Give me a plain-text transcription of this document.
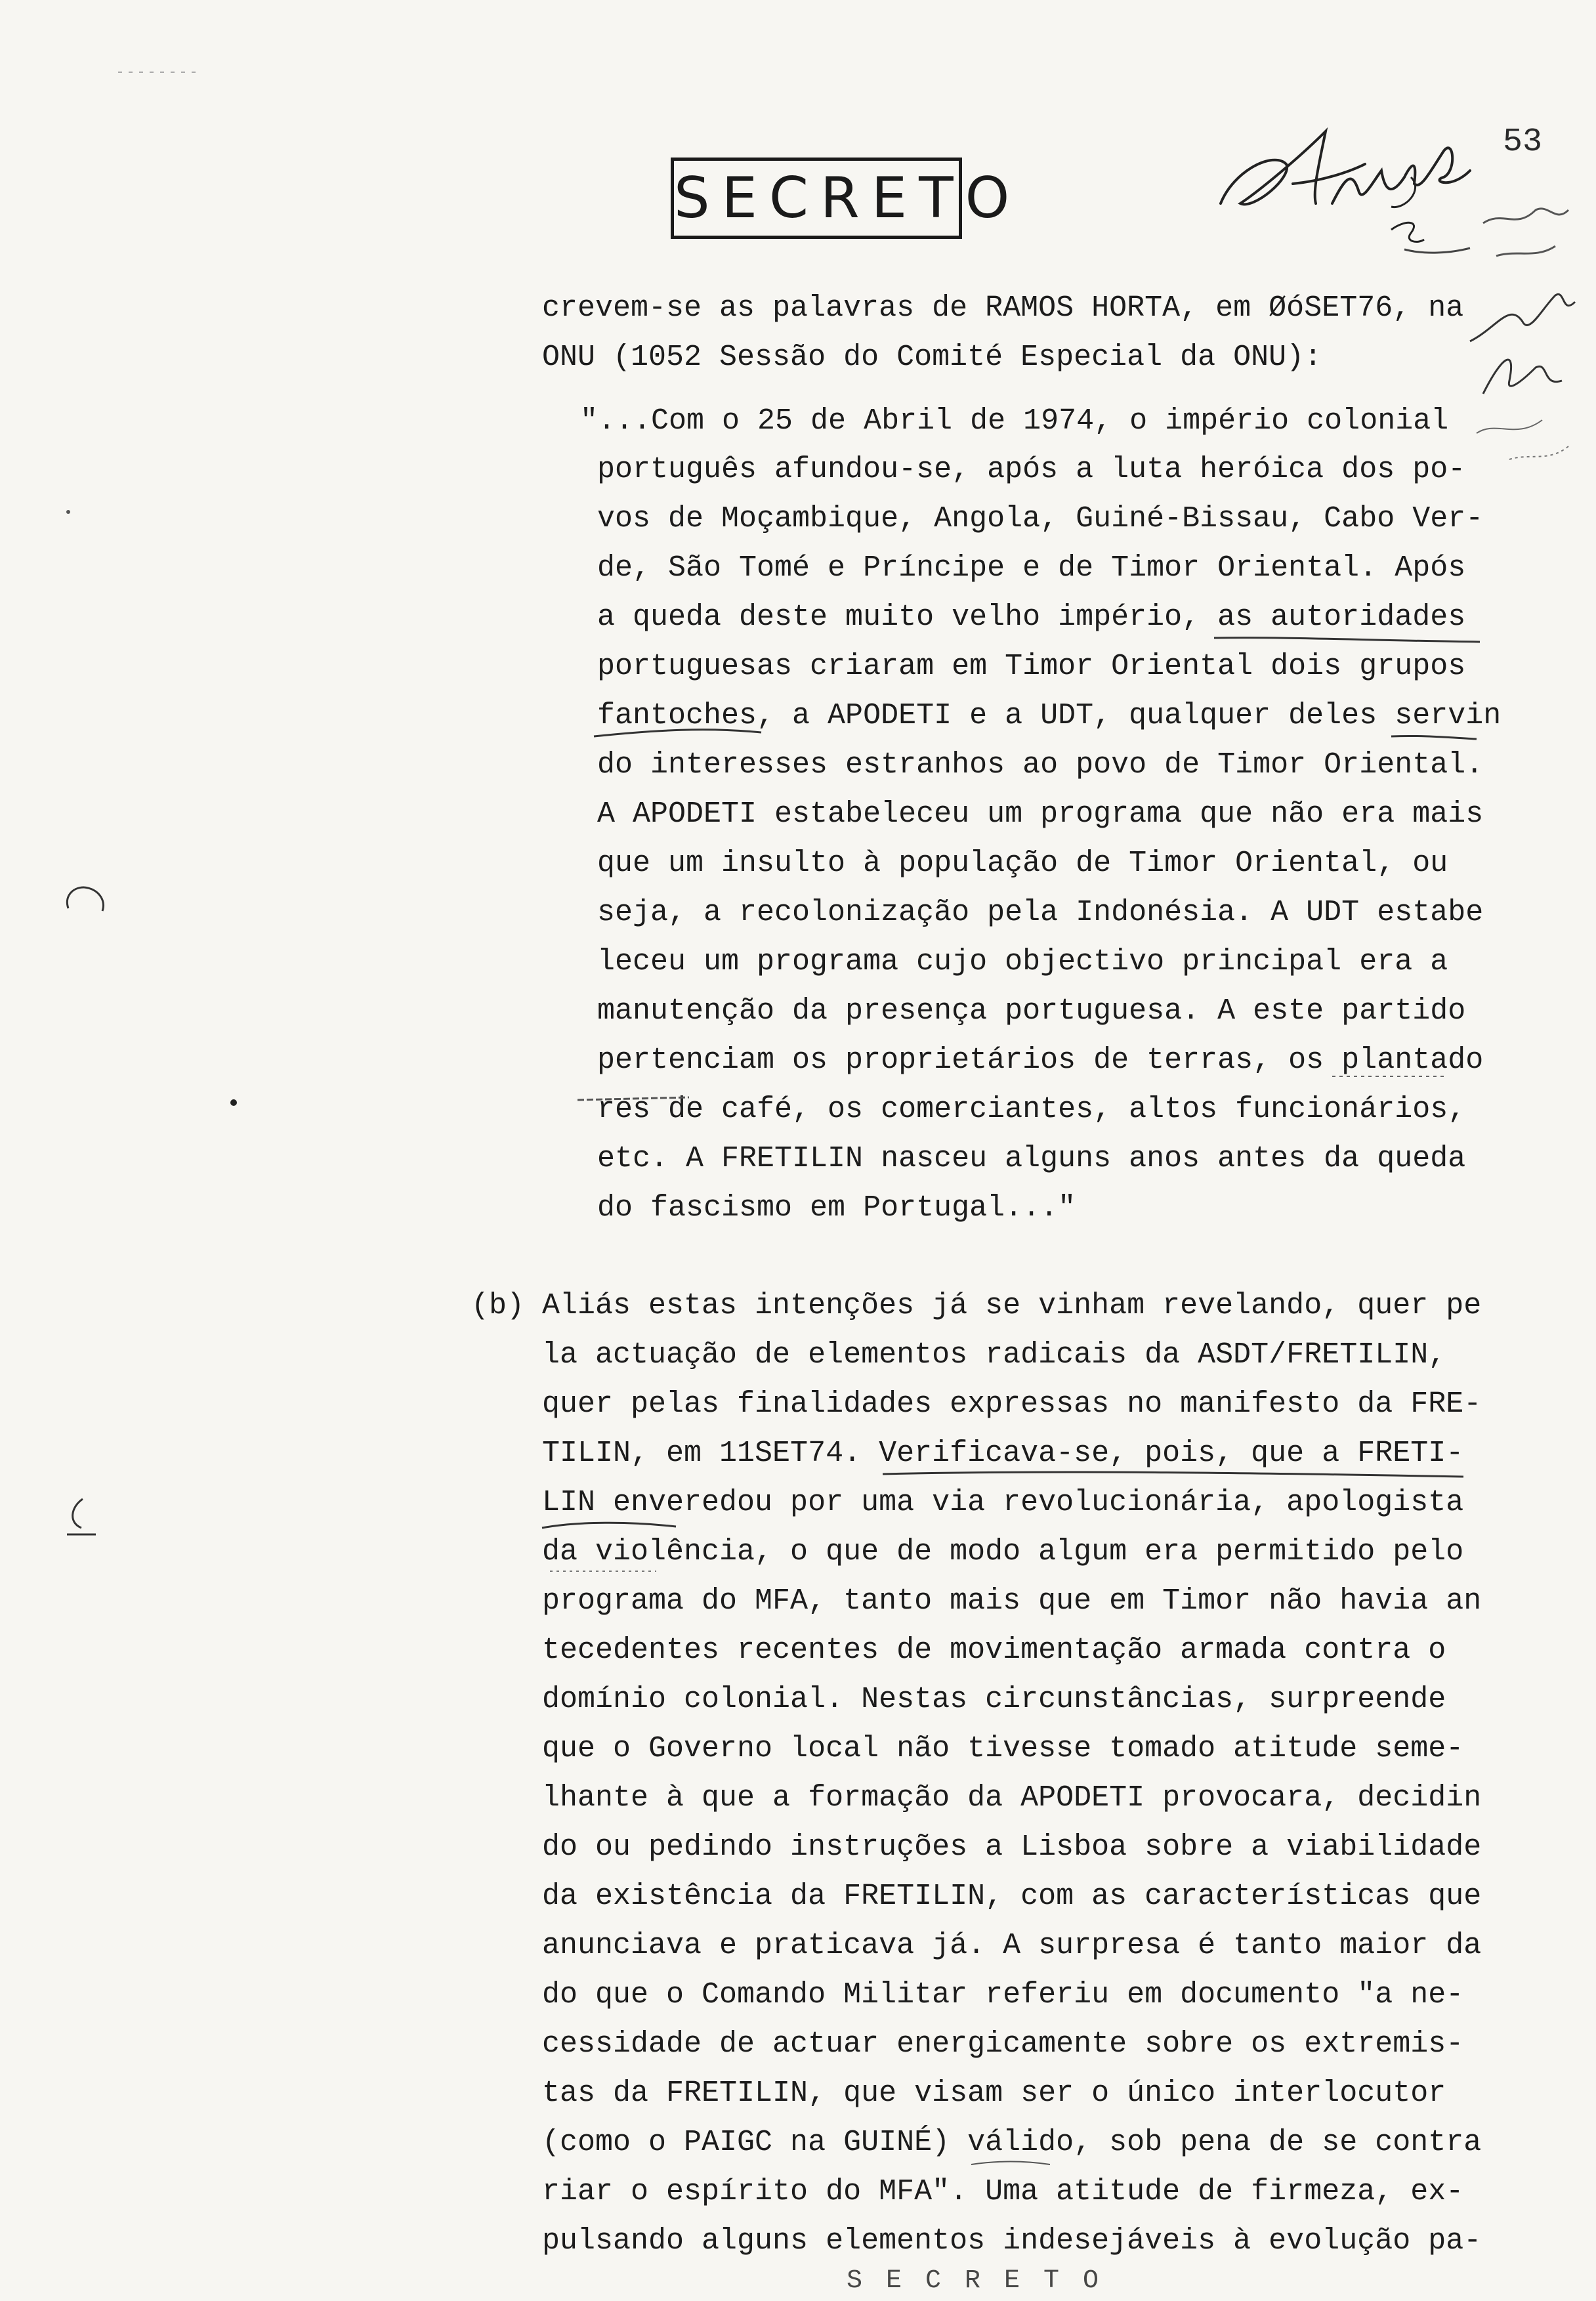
SECRETO
53

crevem-se as palavras de RAMOS HORTA, em ØóSET76, na

ONU (1052 Sessão do Comité Especial da ONU):

"...Com o 25 de Abril de 1974, o império colonial

português afundou-se, após a luta heróica dos po-

vos de Moçambique, Angola, Guiné-Bissau, Cabo Ver-

de, São Tomé e Príncipe e de Timor Oriental. Após

a queda deste muito velho império, as autoridades

portuguesas criaram em Timor Oriental dois grupos

fantoches, a APODETI e a UDT, qualquer deles servin

do interesses estranhos ao povo de Timor Oriental.

A APODETI estabeleceu um programa que não era mais

que um insulto à população de Timor Oriental, ou

seja, a recolonização pela Indonésia. A UDT estabe

leceu um programa cujo objectivo principal era a

manutenção da presença portuguesa. A este partido

pertenciam os proprietários de terras, os plantado

res de café, os comerciantes, altos funcionários,

etc. A FRETILIN nasceu alguns anos antes da queda

do fascismo em Portugal..."

(b) Aliás estas intenções já se vinham revelando, quer pe

la actuação de elementos radicais da ASDT/FRETILIN,

quer pelas finalidades expressas no manifesto da FRE-

TILIN, em 11SET74. Verificava-se, pois, que a FRETI-

LIN enveredou por uma via revolucionária, apologista

da violência, o que de modo algum era permitido pelo

programa do MFA, tanto mais que em Timor não havia an

tecedentes recentes de movimentação armada contra o

domínio colonial. Nestas circunstâncias, surpreende

que o Governo local não tivesse tomado atitude seme-

lhante à que a formação da APODETI provocara, decidin

do ou pedindo instruções a Lisboa sobre a viabilidade

da existência da FRETILIN, com as características que

anunciava e praticava já. A surpresa é tanto maior da

do que o Comando Militar referiu em documento "a ne-

cessidade de actuar energicamente sobre os extremis-

tas da FRETILIN, que visam ser o único interlocutor

(como o PAIGC na GUINÉ) válido, sob pena de se contra

riar o espírito do MFA". Uma atitude de firmeza, ex-

pulsando alguns elementos indesejáveis à evolução pa-

S E C R E T O
